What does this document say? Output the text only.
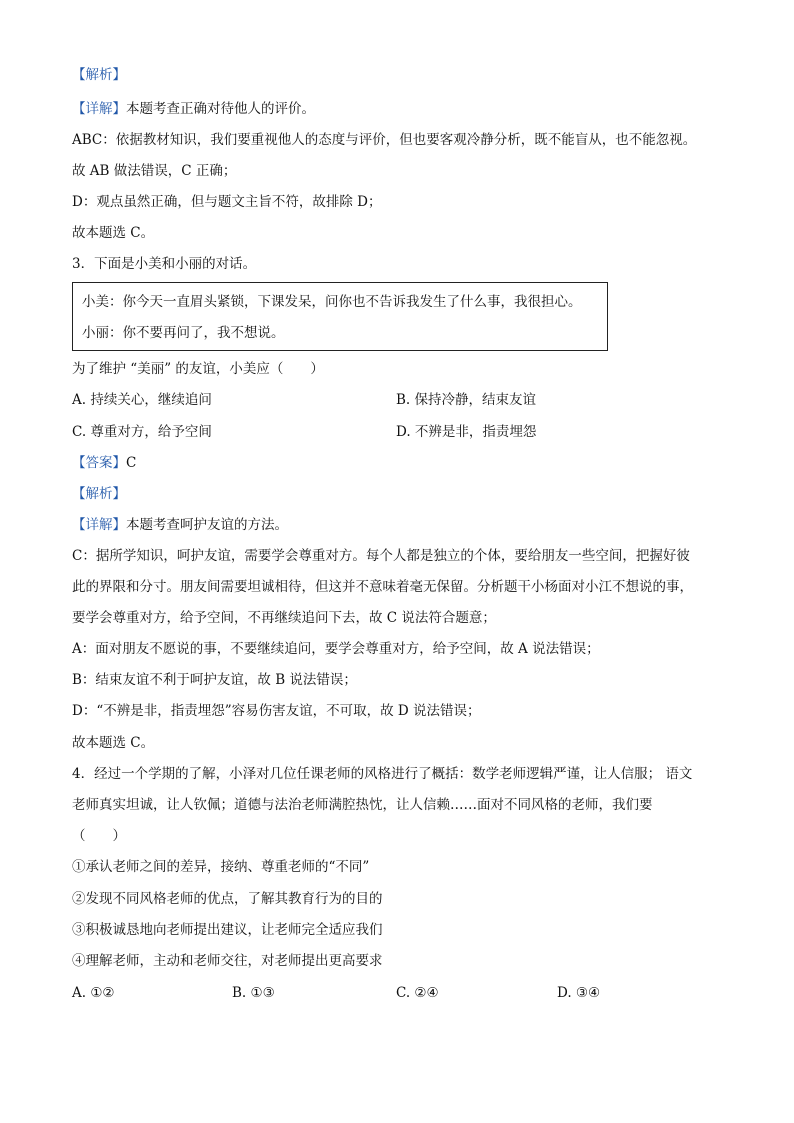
【解析】
【详解】本题考查正确对待他人的评价。
ABC：依据教材知识，我们要重视他人的态度与评价，但也要客观冷静分析，既不能盲从，也不能忽视。
故 AB 做法错误，C 正确；
D：观点虽然正确，但与题文主旨不符，故排除 D；
故本题选 C。
3．下面是小美和小丽的对话。
小美：你今天一直眉头紧锁，下课发呆，问你也不告诉我发生了什么事，我很担心。
小丽：你不要再问了，我不想说。
为了维护 “美丽” 的友谊，小美应（　　）
A. 持续关心，继续追问	B. 保持冷静，结束友谊
C. 尊重对方，给予空间	D. 不辨是非，指责埋怨
【答案】C
【解析】
【详解】本题考查呵护友谊的方法。
C：据所学知识，呵护友谊，需要学会尊重对方。每个人都是独立的个体，要给朋友一些空间，把握好彼
此的界限和分寸。朋友间需要坦诚相待，但这并不意味着毫无保留。分析题干小杨面对小江不想说的事，
要学会尊重对方，给予空间，不再继续追问下去，故 C 说法符合题意；
A：面对朋友不愿说的事，不要继续追问，要学会尊重对方，给予空间，故 A 说法错误；
B：结束友谊不利于呵护友谊，故 B 说法错误；
D：“不辨是非，指责埋怨”容易伤害友谊，不可取，故 D 说法错误；
故本题选 C。
4．经过一个学期的了解，小泽对几位任课老师的风格进行了概括：数学老师逻辑严谨，让人信服； 语文
老师真实坦诚，让人钦佩；道德与法治老师满腔热忱，让人信赖……面对不同风格的老师，我们要
（　　）
①承认老师之间的差异，接纳、尊重老师的“不同”
②发现不同风格老师的优点，了解其教育行为的目的
③积极诚恳地向老师提出建议，让老师完全适应我们
④理解老师，主动和老师交往，对老师提出更高要求
A. ①②	B. ①③	C. ②④	D. ③④
